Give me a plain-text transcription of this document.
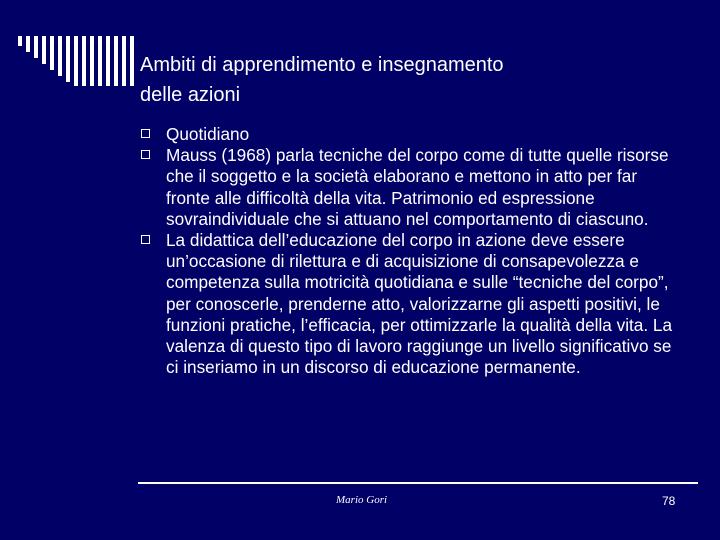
Ambiti di apprendimento e insegnamento
delle azioni
Quotidiano
Mauss (1968) parla tecniche del corpo come di tutte quelle risorse che il soggetto e la società elaborano e mettono in atto per far fronte alle difficoltà della vita. Patrimonio ed espressione sovraindividuale che si attuano nel comportamento di ciascuno.
La didattica dell’educazione del corpo in azione deve essere un’occasione di rilettura e di acquisizione di consapevolezza e competenza sulla motricità quotidiana e sulle “tecniche del corpo”, per conoscerle, prenderne atto, valorizzarne gli aspetti positivi, le funzioni pratiche, l’efficacia, per ottimizzarle la qualità della vita. La valenza di questo tipo di lavoro raggiunge un livello significativo se ci inseriamo in un discorso di educazione permanente.
Mario Gori	78
